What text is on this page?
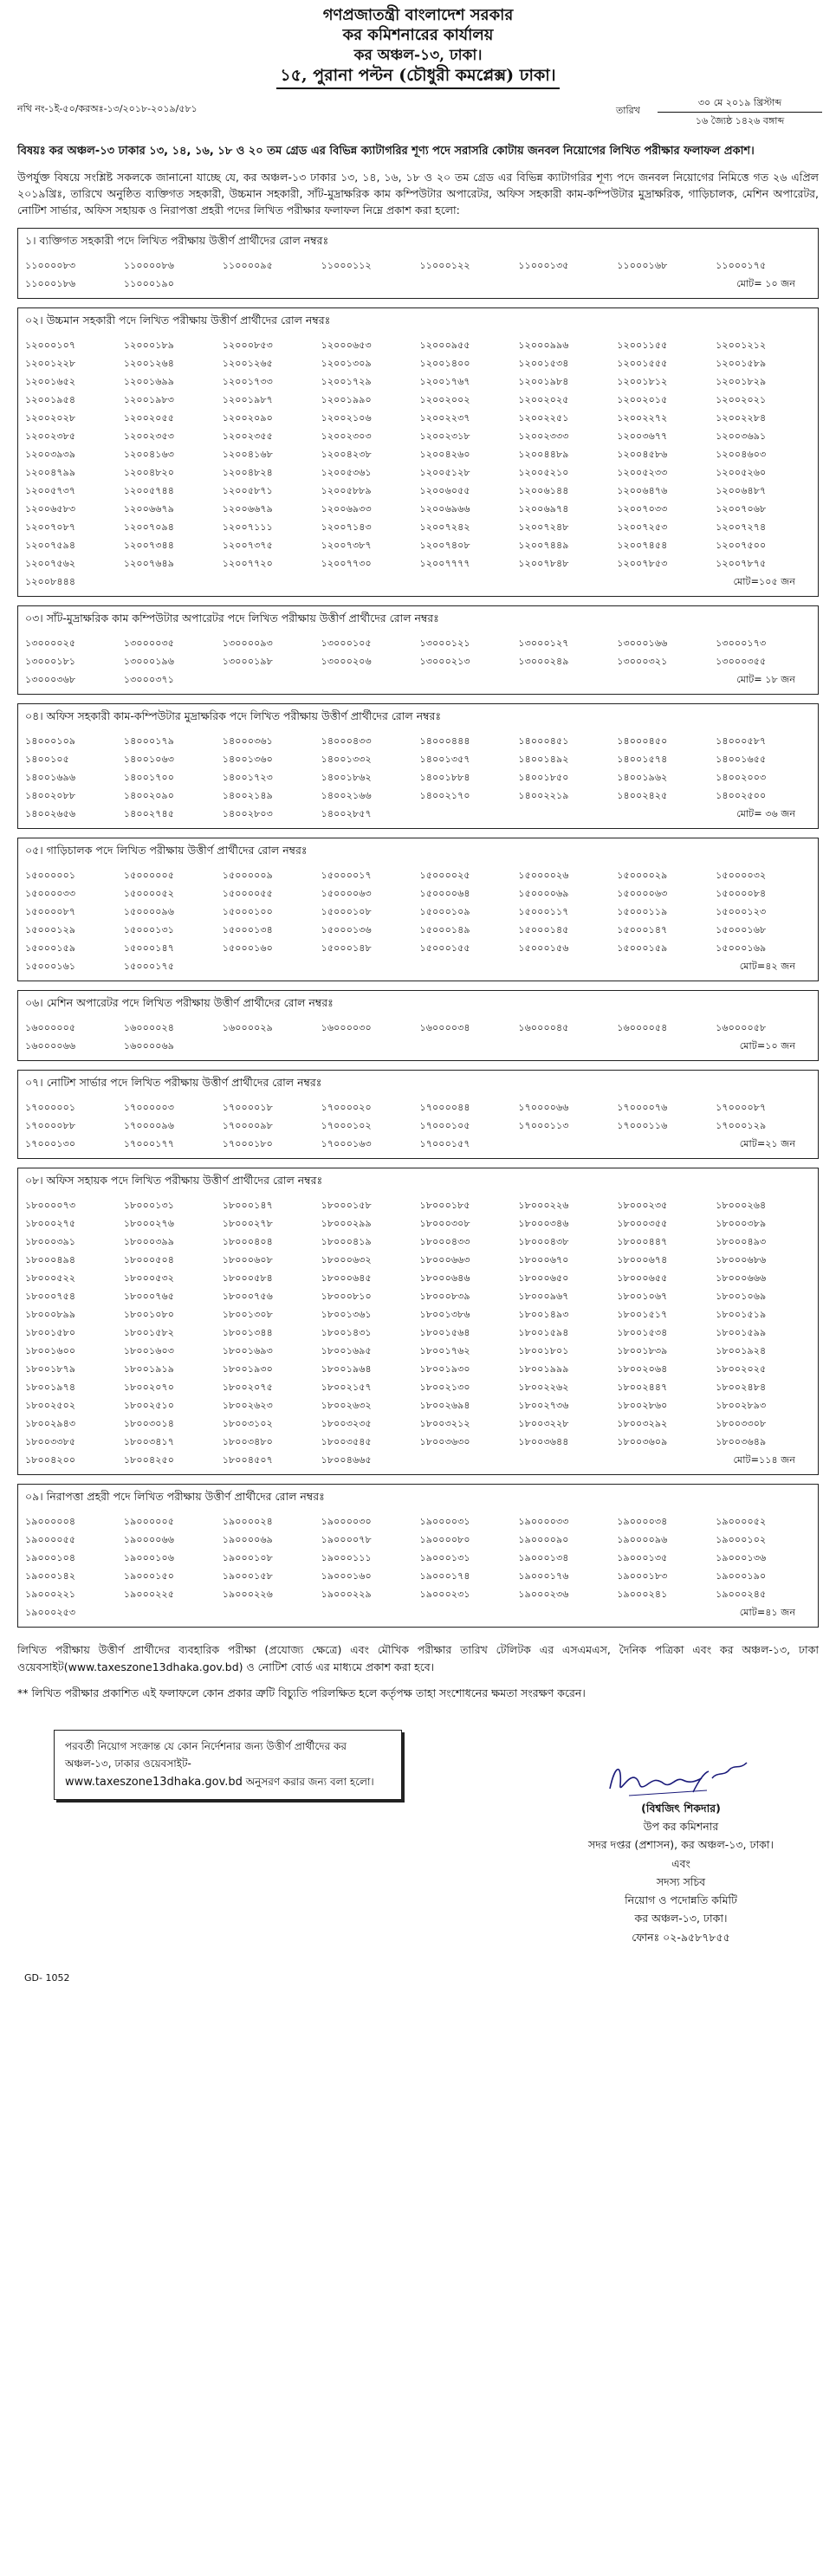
গণপ্রজাতন্ত্রী বাংলাদেশ সরকার
কর কমিশনারের কার্যালয়
কর অঞ্চল-১৩, ঢাকা।
১৫, পুরানা পল্টন (চৌধুরী কমপ্লেক্স) ঢাকা।
নথি নং-১ই-৫০/করঅঃ-১৩/২০১৮-২০১৯/৫৮১	তারিখ
৩০ মে ২০১৯ খ্রিস্টাব্দ
১৬ জ্যৈষ্ঠ ১৪২৬ বঙ্গাব্দ
বিষয়ঃ কর অঞ্চল-১৩ ঢাকার ১৩, ১৪, ১৬, ১৮ ও ২০ তম গ্রেড এর বিভিন্ন ক্যাটাগরির শূণ্য পদে সরাসরি কোটায় জনবল নিয়োগের লিখিত পরীক্ষার ফলাফল প্রকাশ।
উপর্যুক্ত বিষয়ে সংশ্লিষ্ট সকলকে জানানো যাচ্ছে যে, কর অঞ্চল-১৩ ঢাকার ১৩, ১৪, ১৬, ১৮ ও ২০ তম গ্রেড এর বিভিন্ন ক্যাটাগরির শূণ্য পদে জনবল নিয়োগের নিমিত্তে গত ২৬ এপ্রিল ২০১৯খ্রিঃ, তারিখে অনুষ্ঠিত ব্যক্তিগত সহকারী, উচ্চমান সহকারী, সাঁট-মুদ্রাক্ষরিক কাম কম্পিউটার অপারেটর, অফিস সহকারী কাম-কম্পিউটার মুদ্রাক্ষরিক, গাড়িচালক, মেশিন অপারেটর, নোটিশ সার্ভার, অফিস সহায়ক ও নিরাপত্তা প্রহরী পদের লিখিত পরীক্ষার ফলাফল নিম্নে প্রকাশ করা হলো:
১। ব্যক্তিগত সহকারী পদে লিখিত পরীক্ষায় উত্তীর্ণ প্রার্থীদের রোল নম্বরঃ
১১০০০০৮৩	১১০০০০৮৬	১১০০০০৯৫	১১০০০১১২	১১০০০১২২	১১০০০১৩৫	১১০০০১৬৮	১১০০০১৭৫
১১০০০১৮৬	১১০০০১৯০	মোট= ১০ জন
০২। উচ্চমান সহকারী পদে লিখিত পরীক্ষায় উত্তীর্ণ প্রার্থীদের রোল নম্বরঃ
১২০০০১০৭	১২০০০১৮৯	১২০০০৮৫৩	১২০০০৬৫৩	১২০০০৯৫৫	১২০০০৯৯৬	১২০০১১৫৫	১২০০১২১২
১২০০১২২৮	১২০০১২৬৪	১২০০১২৬৫	১২০০১৩০৯	১২০০১৪০০	১২০০১৫৩৪	১২০০১৫৫৫	১২০০১৫৮৯
১২০০১৬৫২	১২০০১৬৯৯	১২০০১৭৩৩	১২০০১৭২৯	১২০০১৭৬৭	১২০০১৯৮৪	১২০০১৮১২	১২০০১৮২৯
১২০০১৯৫৪	১২০০১৯৮৩	১২০০১৯৮৭	১২০০১৯৯০	১২০০২০০২	১২০০২০২৫	১২০০২০১৫	১২০০২০২১
১২০০২০২৮	১২০০২০৫৫	১২০০২০৯০	১২০০২১০৬	১২০০২২৩৭	১২০০২২৫১	১২০০২২৭২	১২০০২২৮৪
১২০০২৩৮৫	১২০০২৩৫৩	১২০০২৩৫৫	১২০০২৩০৩	১২০০২৩১৮	১২০০২৩৩৩	১২০০৩৬৭৭	১২০০৩৬৯১
১২০০৩৯৩৯	১২০০৪১৬৩	১২০০৪১৬৮	১২০০৪২৩৮	১২০০৪২৬০	১২০০৪৪৮৯	১২০০৪৫৮৬	১২০০৪৬০৩
১২০০৪৭৯৯	১২০০৪৮২০	১২০০৪৮২৪	১২০০৫৩৬১	১২০০৫১২৮	১২০০৫২১০	১২০০৫২৩৩	১২০০৫২৬০
১২০০৫৭৩৭	১২০০৫৭৪৪	১২০০৫৮৭১	১২০০৫৮৮৯	১২০০৬০৫৫	১২০০৬১৪৪	১২০০৬৪৭৬	১২০০৬৪৮৭
১২০০৬৫৮৩	১২০০৬৬৭৯	১২০০৬৬৭৯	১২০০৬৯৩৩	১২০০৬৯৬৬	১২০০৬৯৭৪	১২০০৭০৩৩	১২০০৭০৬৮
১২০০৭০৮৭	১২০০৭০৯৪	১২০০৭১১১	১২০০৭১৪৩	১২০০৭২৪২	১২০০৭২৪৮	১২০০৭২৫৩	১২০০৭২৭৪
১২০০৭৫৯৪	১২০০৭৩৪৪	১২০০৭৩৭৫	১২০০৭৩৮৭	১২০০৭৪০৮	১২০০৭৪৪৯	১২০০৭৪৫৪	১২০০৭৫০০
১২০০৭৫৬২	১২০০৭৬৪৯	১২০০৭৭২০	১২০০৭৭৩০	১২০০৭৭৭৭	১২০০৭৮৪৮	১২০০৭৮৫৩	১২০০৭৮৭৫
১২০০৮৪৪৪	মোট=১০৫ জন
০৩। সাঁট-মুদ্রাক্ষরিক কাম কম্পিউটার অপারেটর পদে লিখিত পরীক্ষায় উত্তীর্ণ প্রার্থীদের রোল নম্বরঃ
১৩০০০০২৫	১৩০০০০৩৫	১৩০০০০৯৩	১৩০০০১০৫	১৩০০০১২১	১৩০০০১২৭	১৩০০০১৬৬	১৩০০০১৭৩
১৩০০০১৮১	১৩০০০১৯৬	১৩০০০১৯৮	১৩০০০২০৬	১৩০০০২১৩	১৩০০০২৪৯	১৩০০০৩২১	১৩০০০৩৫৫
১৩০০০৩৬৮	১৩০০০৩৭১	মোট= ১৮ জন
০৪। অফিস সহকারী কাম-কম্পিউটার মুদ্রাক্ষরিক পদে লিখিত পরীক্ষায় উত্তীর্ণ প্রার্থীদের রোল নম্বরঃ
১৪০০০১০৯	১৪০০০১৭৯	১৪০০০৩৬১	১৪০০০৪৩৩	১৪০০০৪৪৪	১৪০০০৪৫১	১৪০০০৪৫০	১৪০০০৫৮৭
১৪০০১০৫	১৪০০১০৬৩	১৪০০১৩৬০	১৪০০১৩৩২	১৪০০১৩৫৭	১৪০০১৪৯২	১৪০০১৫৭৪	১৪০০১৬৫৫
১৪০০১৬৯৬	১৪০০১৭০০	১৪০০১৭২৩	১৪০০১৮৬২	১৪০০১৮৮৪	১৪০০১৮৫০	১৪০০১৯৬২	১৪০০২০০৩
১৪০০২০৮৮	১৪০০২০৯০	১৪০০২১৪৯	১৪০০২১৬৬	১৪০০২১৭০	১৪০০২২১৯	১৪০০২৪২৫	১৪০০২৫০০
১৪০০২৬৫৬	১৪০০২৭৪৫	১৪০০২৮০৩	১৪০০২৮৫৭	মোট= ৩৬ জন
০৫। গাড়িচালক পদে লিখিত পরীক্ষায় উত্তীর্ণ প্রার্থীদের রোল নম্বরঃ
১৫০০০০০১	১৫০০০০০৫	১৫০০০০০৯	১৫০০০০১৭	১৫০০০০২৫	১৫০০০০২৬	১৫০০০০২৯	১৫০০০০৩২
১৫০০০০৩৩	১৫০০০০৫২	১৫০০০০৫৫	১৫০০০০৬৩	১৫০০০০৬৪	১৫০০০০৬৯	১৫০০০০৬৩	১৫০০০০৮৪
১৫০০০০৮৭	১৫০০০০৯৬	১৫০০০১০০	১৫০০০১০৮	১৫০০০১০৯	১৫০০০১১৭	১৫০০০১১৯	১৫০০০১২৩
১৫০০০১২৯	১৫০০০১৩১	১৫০০০১৩৪	১৫০০০১৩৬	১৫০০০১৪৯	১৫০০০১৪৫	১৫০০০১৪৭	১৫০০০১৬৮
১৫০০০১৫৯	১৫০০০১৪৭	১৫০০০১৬০	১৫০০০১৪৮	১৫০০০১৫৫	১৫০০০১৫৬	১৫০০০১৫৯	১৫০০০১৬৯
১৫০০০১৬১	১৫০০০১৭৫	মোট=৪২ জন
০৬। মেশিন অপারেটর পদে লিখিত পরীক্ষায় উত্তীর্ণ প্রার্থীদের রোল নম্বরঃ
১৬০০০০০৫	১৬০০০০২৪	১৬০০০০২৯	১৬০০০০৩০	১৬০০০০৩৪	১৬০০০০৪৫	১৬০০০০৫৪	১৬০০০০৫৮
১৬০০০০৬৬	১৬০০০০৬৯	মোট=১০ জন
০৭। নোটিশ সার্ভার পদে লিখিত পরীক্ষায় উত্তীর্ণ প্রার্থীদের রোল নম্বরঃ
১৭০০০০০১	১৭০০০০০৩	১৭০০০০১৮	১৭০০০০২০	১৭০০০০৪৪	১৭০০০০৬৬	১৭০০০০৭৬	১৭০০০০৮৭
১৭০০০০৮৮	১৭০০০০৯৬	১৭০০০০৯৮	১৭০০০১০২	১৭০০০১০৫	১৭০০০১১৩	১৭০০০১১৬	১৭০০০১২৯
১৭০০০১৩০	১৭০০০১৭৭	১৭০০০১৮০	১৭০০০১৬৩	১৭০০০১৫৭	মোট=২১ জন
০৮। অফিস সহায়ক পদে লিখিত পরীক্ষায় উত্তীর্ণ প্রার্থীদের রোল নম্বরঃ
১৮০০০০৭৩	১৮০০০১৩১	১৮০০০১৪৭	১৮০০০১৫৮	১৮০০০১৮৫	১৮০০০২২৬	১৮০০০২৩৫	১৮০০০২৬৪
১৮০০০২৭৫	১৮০০০২৭৬	১৮০০০২৭৮	১৮০০০২৯৯	১৮০০০৩০৮	১৮০০০৩৪৬	১৮০০০৩৫৫	১৮০০০৩৮৯
১৮০০০৩৯১	১৮০০০৩৯৯	১৮০০০৪০৪	১৮০০০৪১৯	১৮০০০৪৩৩	১৮০০০৪৩৮	১৮০০০৪৪৭	১৮০০০৪৯৩
১৮০০০৪৯৪	১৮০০০৫০৪	১৮০০০৬০৮	১৮০০০৬৩২	১৮০০০৬৬৩	১৮০০০৬৭০	১৮০০০৬৭৪	১৮০০০৬৮৬
১৮০০০৫২২	১৮০০০৫৩২	১৮০০০৫৮৪	১৮০০০৬৪৫	১৮০০০৬৪৬	১৮০০০৬৫০	১৮০০০৬৫৫	১৮০০০৬৬৬
১৮০০০৭৫৪	১৮০০০৭৬৫	১৮০০০৭৫৬	১৮০০০৮১০	১৮০০০৮৩৯	১৮০০০৯৬৭	১৮০০১০৬৭	১৮০০১০৬৯
১৮০০০৮৯৯	১৮০০১০৮০	১৮০০১৩০৮	১৮০০১৩৬১	১৮০০১৩৮৬	১৮০০১৪৯৩	১৮০০১৫১৭	১৮০০১৫১৯
১৮০০১৫৮০	১৮০০১৫৮২	১৮০০১৩৪৪	১৮০০১৪৩১	১৮০০১৫৬৪	১৮০০১৫৯৪	১৮০০১৫৩৪	১৮০০১৫৯৯
১৮০০১৬০০	১৮০০১৬০৩	১৮০০১৬৯৩	১৮০০১৬৯৫	১৮০০১৭৬২	১৮০০১৮০১	১৮০০১৮৩৯	১৮০০১৯২৪
১৮০০১৮৭৯	১৮০০১৯১৯	১৮০০১৯৩০	১৮০০১৯৬৪	১৮০০১৯৩০	১৮০০১৯৯৯	১৮০০২০৬৪	১৮০০২০২৫
১৮০০১৯৭৪	১৮০০২০৭০	১৮০০২০৭৫	১৮০০২১৫৭	১৮০০২১৩০	১৮০০২২৬২	১৮০০২৪৪৭	১৮০০২৪৮৪
১৮০০২৫০২	১৮০০২৫১০	১৮০০২৬২৩	১৮০০২৬৩২	১৮০০২৬৯৪	১৮০০২৭৩৬	১৮০০২৮৬০	১৮০০২৮৯৩
১৮০০২৯৪৩	১৮০০৩০১৪	১৮০০৩১০২	১৮০০৩২৩৫	১৮০০৩২১২	১৮০০৩২২৮	১৮০০৩২৯২	১৮০০৩৩০৮
১৮০০৩৩৮৫	১৮০০৩৪১৭	১৮০০৩৪৮০	১৮০০৩৫৪৫	১৮০০৩৬৩০	১৮০০৩৬৪৪	১৮০০৩৬০৯	১৮০০৩৬৪৯
১৮০০৪২০০	১৮০০৪২৫০	১৮০০৪৫০৭	১৮০০৪৬৬৫	মোট=১১৪ জন
০৯। নিরাপত্তা প্রহরী পদে লিখিত পরীক্ষায় উত্তীর্ণ প্রার্থীদের রোল নম্বরঃ
১৯০০০০০৪	১৯০০০০০৫	১৯০০০০২৪	১৯০০০০৩০	১৯০০০০৩১	১৯০০০০৩৩	১৯০০০০৩৪	১৯০০০০৫২
১৯০০০০৫৫	১৯০০০০৬৬	১৯০০০০৬৯	১৯০০০০৭৮	১৯০০০০৮০	১৯০০০০৯০	১৯০০০০৯৬	১৯০০০১০২
১৯০০০১০৪	১৯০০০১০৬	১৯০০০১০৮	১৯০০০১১১	১৯০০০১৩১	১৯০০০১৩৪	১৯০০০১৩৫	১৯০০০১৩৬
১৯০০০১৪২	১৯০০০১৫০	১৯০০০১৫৮	১৯০০০১৬০	১৯০০০১৭৪	১৯০০০১৭৬	১৯০০০১৮৩	১৯০০০১৯০
১৯০০০২২১	১৯০০০২২৫	১৯০০০২২৬	১৯০০০২২৯	১৯০০০২৩১	১৯০০০২৩৬	১৯০০০২৪১	১৯০০০২৪৫
১৯০০০২৫৩	মোট=৪১ জন
লিখিত পরীক্ষায় উত্তীর্ণ প্রার্থীদের ব্যবহারিক পরীক্ষা (প্রযোজ্য ক্ষেত্রে) এবং মৌখিক পরীক্ষার তারিখ টেলিটক এর এসএমএস, দৈনিক পত্রিকা এবং কর অঞ্চল-১৩, ঢাকা ওয়েবসাইট(www.taxeszone13dhaka.gov.bd) ও নোটিশ বোর্ড এর মাধ্যমে প্রকাশ করা হবে।
** লিখিত পরীক্ষার প্রকাশিত এই ফলাফলে কোন প্রকার ত্রুটি বিচ্যুতি পরিলক্ষিত হলে কর্তৃপক্ষ তাহা সংশোধনের ক্ষমতা সংরক্ষণ করেন।
পরবর্তী নিয়োগ সংক্রান্ত যে কোন নির্দেশনার জন্য উত্তীর্ণ প্রার্থীদের কর অঞ্চল-১৩, ঢাকার ওয়েবসাইট-
www.taxeszone13dhaka.gov.bd অনুসরণ করার জন্য বলা হলো।
(বিশ্বজিৎ শিকদার)
উপ কর কমিশনার
সদর দপ্তর (প্রশাসন), কর অঞ্চল-১৩, ঢাকা।
এবং
সদস্য সচিব
নিয়োগ ও পদোন্নতি কমিটি
কর অঞ্চল-১৩, ঢাকা।
ফোনঃ ০২-৯৫৮৭৮৫৫
GD- 1052
